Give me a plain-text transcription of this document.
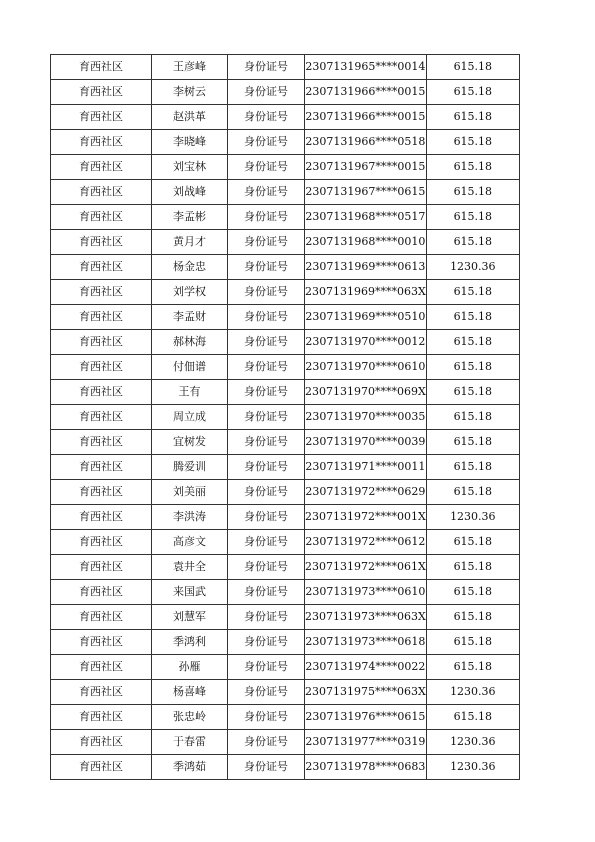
育西社区	王彦峰	身份证号	2307131965****0014	615.18
育西社区	李树云	身份证号	2307131966****0015	615.18
育西社区	赵洪革	身份证号	2307131966****0015	615.18
育西社区	李晓峰	身份证号	2307131966****0518	615.18
育西社区	刘宝林	身份证号	2307131967****0015	615.18
育西社区	刘战峰	身份证号	2307131967****0615	615.18
育西社区	李孟彬	身份证号	2307131968****0517	615.18
育西社区	黄月才	身份证号	2307131968****0010	615.18
育西社区	杨金忠	身份证号	2307131969****0613	1230.36
育西社区	刘学权	身份证号	2307131969****063X	615.18
育西社区	李孟财	身份证号	2307131969****0510	615.18
育西社区	郝林海	身份证号	2307131970****0012	615.18
育西社区	付佃谱	身份证号	2307131970****0610	615.18
育西社区	王有	身份证号	2307131970****069X	615.18
育西社区	周立成	身份证号	2307131970****0035	615.18
育西社区	宜树发	身份证号	2307131970****0039	615.18
育西社区	腾爱训	身份证号	2307131971****0011	615.18
育西社区	刘美丽	身份证号	2307131972****0629	615.18
育西社区	李洪涛	身份证号	2307131972****001X	1230.36
育西社区	高彦文	身份证号	2307131972****0612	615.18
育西社区	袁井全	身份证号	2307131972****061X	615.18
育西社区	来国武	身份证号	2307131973****0610	615.18
育西社区	刘慧军	身份证号	2307131973****063X	615.18
育西社区	季鸿利	身份证号	2307131973****0618	615.18
育西社区	孙雁	身份证号	2307131974****0022	615.18
育西社区	杨喜峰	身份证号	2307131975****063X	1230.36
育西社区	张忠岭	身份证号	2307131976****0615	615.18
育西社区	于春雷	身份证号	2307131977****0319	1230.36
育西社区	季鸿茹	身份证号	2307131978****0683	1230.36
